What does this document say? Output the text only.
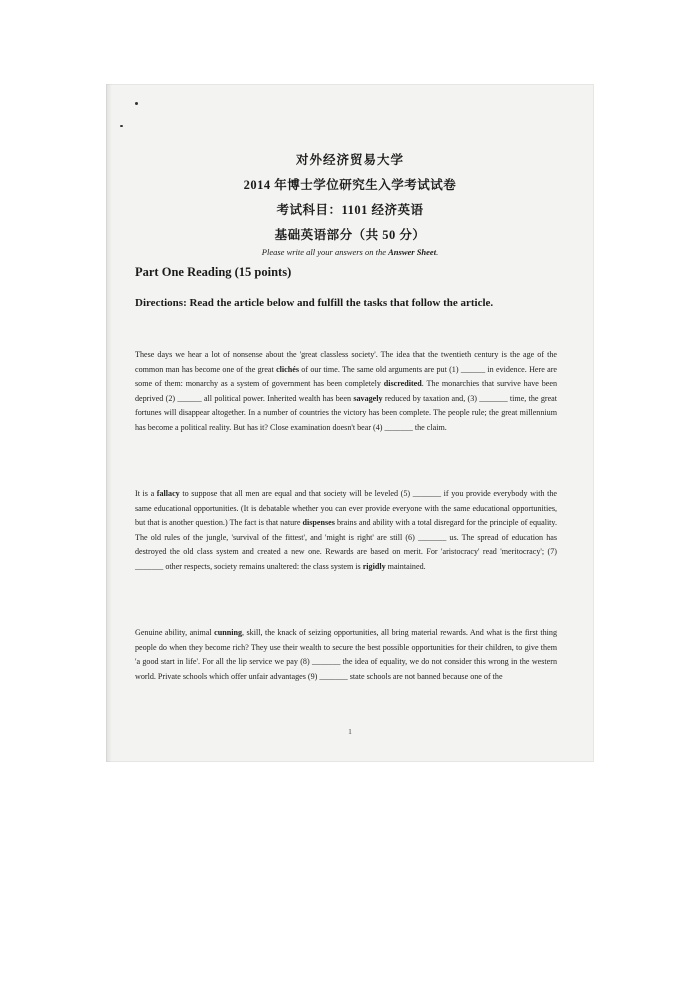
对外经济贸易大学
2014 年博士学位研究生入学考试试卷
考试科目：1101 经济英语
基础英语部分（共 50 分）
Please write all your answers on the Answer Sheet.
Part One Reading (15 points)
Directions: Read the article below and fulfill the tasks that follow the article.
These days we hear a lot of nonsense about the 'great classless society'. The idea that the twentieth century is the age of the common man has become one of the great clichés of our time. The same old arguments are put (1) ______ in evidence. Here are some of them: monarchy as a system of government has been completely discredited. The monarchies that survive have been deprived (2) ______ all political power. Inherited wealth has been savagely reduced by taxation and, (3) _______ time, the great fortunes will disappear altogether. In a number of countries the victory has been complete. The people rule; the great millennium has become a political reality. But has it? Close examination doesn't bear (4) _______ the claim.
It is a fallacy to suppose that all men are equal and that society will be leveled (5) _______ if you provide everybody with the same educational opportunities. (It is debatable whether you can ever provide everyone with the same educational opportunities, but that is another question.) The fact is that nature dispenses brains and ability with a total disregard for the principle of equality. The old rules of the jungle, 'survival of the fittest', and 'might is right' are still (6) _______ us. The spread of education has destroyed the old class system and created a new one. Rewards are based on merit. For 'aristocracy' read 'meritocracy'; (7) _______ other respects, society remains unaltered: the class system is rigidly maintained.
Genuine ability, animal cunning, skill, the knack of seizing opportunities, all bring material rewards. And what is the first thing people do when they become rich? They use their wealth to secure the best possible opportunities for their children, to give them 'a good start in life'. For all the lip service we pay (8) _______ the idea of equality, we do not consider this wrong in the western world. Private schools which offer unfair advantages (9) _______ state schools are not banned because one of the
1
